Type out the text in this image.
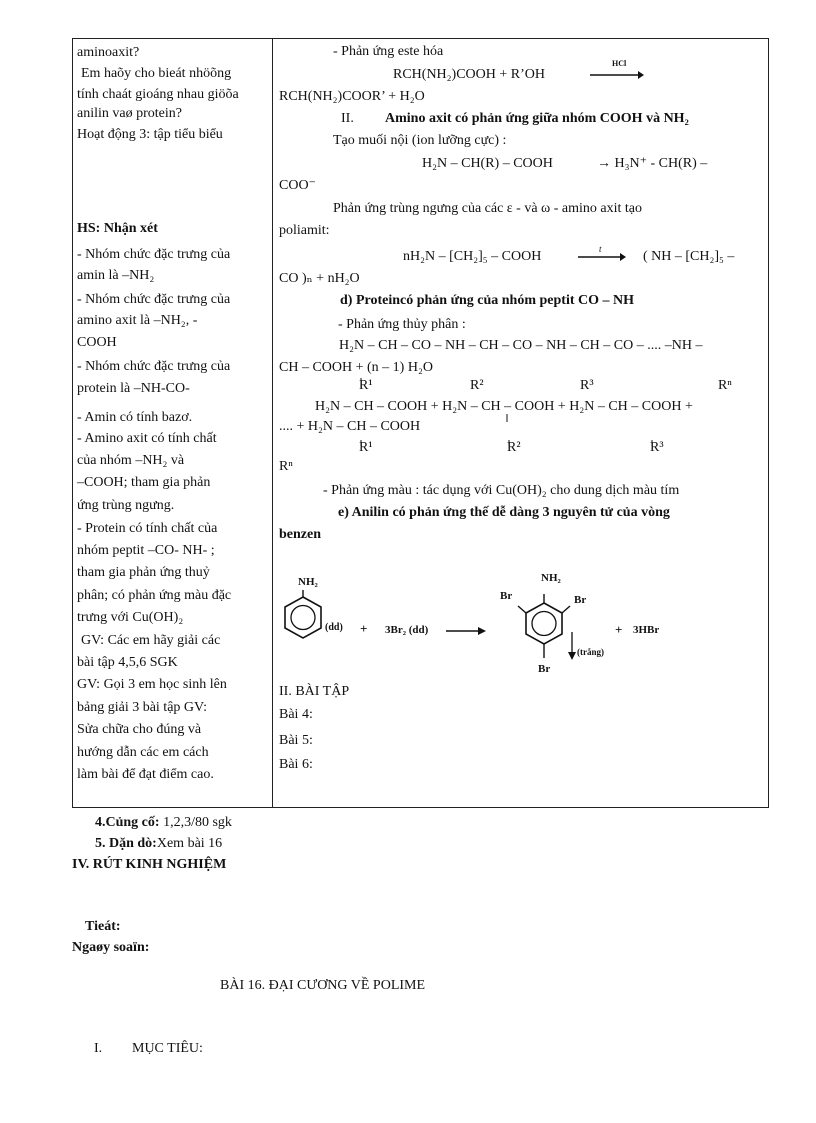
aminoaxit?
Em haõy cho bieát nhöõng
tính chaát gioáng nhau giöõa
anilin vaø protein?
Hoạt động 3: tập tiểu biểu
HS: Nhận xét
- Nhóm chức đặc trưng của
amin là –NH₂
- Nhóm chức đặc trưng của
amino axit là –NH₂, -
COOH
- Nhóm chức đặc trưng của
protein là –NH-CO-
- Amin có tính bazơ.
- Amino axit có tính chất
của nhóm –NH₂ và
–COOH; tham gia phản
ứng trùng ngưng.
- Protein có tính chất của
nhóm peptit –CO- NH- ;
tham gia phản ứng thuỷ
phân; có phản ứng màu đặc
trưng với Cu(OH)₂
GV: Các em hãy giải các
bài tập 4,5,6 SGK
GV: Gọi 3 em học sinh lên
bảng giải 3 bài tập GV:
Sửa chữa cho đúng và
hướng dẫn các em cách
làm bài để đạt điểm cao.
- Phản ứng este hóa
RCH(NH₂)COOH + R’OH
RCH(NH₂)COOR’ + H₂O
II. Amino axit có phản ứng giữa nhóm COOH và NH₂
Tạo muối nội (ion lưỡng cực) :
H₂N – CH(R) – COOH	→ H₃N⁺ - CH(R) –
COO⁻
Phản ứng trùng ngưng của các ε - và ω - amino axit tạo
poliamit:
nH₂N – [CH₂]₅ – COOH	( NH – [CH₂]₅ –
CO )ₙ + nH₂O
d) Proteincó phản ứng của nhóm peptit CO – NH
- Phản ứng thủy phân :
H₂N – CH – CO – NH – CH – CO – NH – CH – CO – .... –NH –
CH – COOH + (n – 1) H₂O
R¹	R²	R³	Rⁿ
H₂N – CH – COOH + H₂N – CH – COOH + H₂N – CH – COOH +
.... + H₂N – CH – COOH
R¹	R²	R³
Rⁿ
- Phản ứng màu : tác dụng với Cu(OH)₂ cho dung dịch màu tím
e) Anilin có phản ứng thế dễ dàng 3 nguyên tử của vòng
benzen
II. BÀI TẬP
Bài 4:
Bài 5:
Bài 6:
4.Củng cố: 1,2,3/80 sgk
5. Dặn dò:Xem bài 16
IV. RÚT KINH NGHIỆM
Tieát:
Ngaøy soaïn:
BÀI 16. ĐẠI CƯƠNG VỀ POLIME
I. MỤC TIÊU:
HCl
t
NH₂
(dd) + 3Br₂ (dd)
NH₂
Br	Br
Br
(trắng)
+ 3HBr
